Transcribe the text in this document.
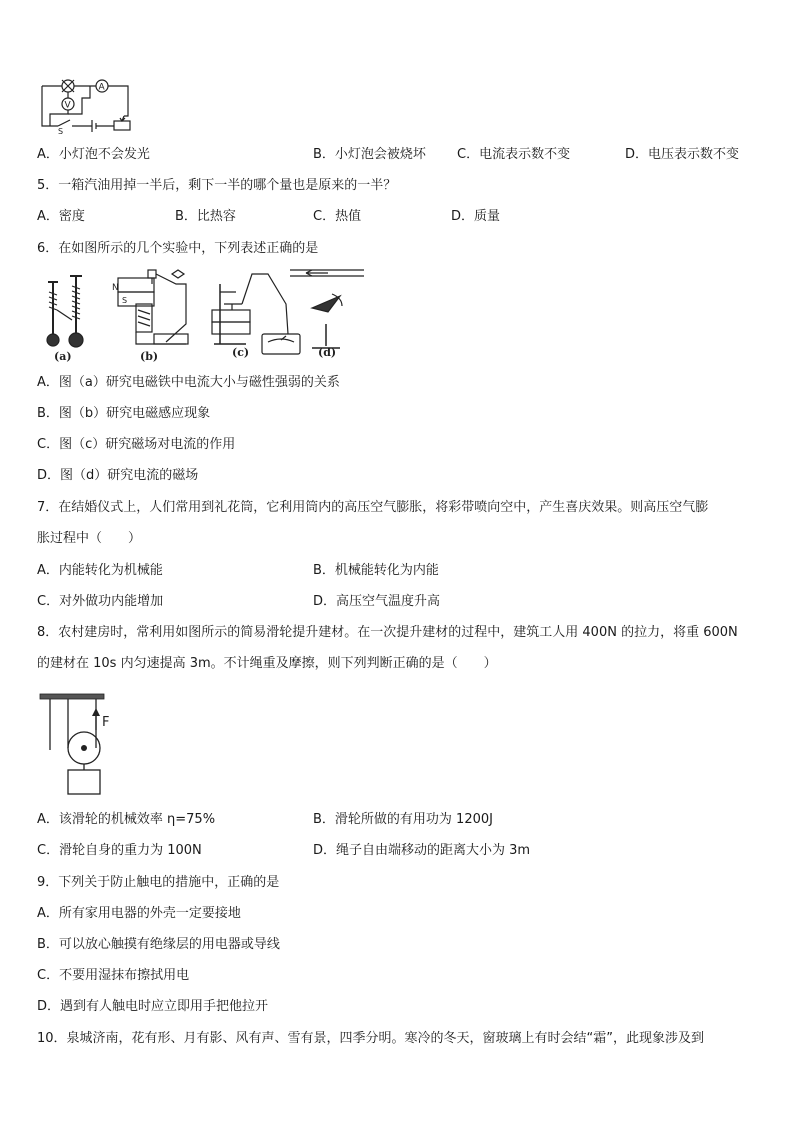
A
V
S
A．小灯泡不会发光	B．小灯泡会被烧坏 C．电流表示数不变	D．电压表示数不变
5．一箱汽油用掉一半后，剩下一半的哪个量也是原来的一半？
A．密度	B．比热容	C．热值	D．质量
6．在如图所示的几个实验中，下列表述正确的是
N
S
(a)	(b)	(c)	(d)
A．图（a）研究电磁铁中电流大小与磁性强弱的关系
B．图（b）研究电磁感应现象
C．图（c）研究磁场对电流的作用
D．图（d）研究电流的磁场
7．在结婚仪式上，人们常用到礼花筒，它利用筒内的高压空气膨胀，将彩带喷向空中，产生喜庆效果。则高压空气膨
胀过程中（　　）
A．内能转化为机械能	B．机械能转化为内能
C．对外做功内能增加	D．高压空气温度升高
8．农村建房时，常利用如图所示的简易滑轮提升建材。在一次提升建材的过程中，建筑工人用 400N 的拉力，将重 600N
的建材在 10s 内匀速提高 3m。不计绳重及摩擦，则下列判断正确的是（　　）
F
A．该滑轮的机械效率 η=75%	B．滑轮所做的有用功为 1200J
C．滑轮自身的重力为 100N	D．绳子自由端移动的距离大小为 3m
9．下列关于防止触电的措施中，正确的是
A．所有家用电器的外壳一定要接地
B．可以放心触摸有绝缘层的用电器或导线
C．不要用湿抹布擦拭用电
D．遇到有人触电时应立即用手把他拉开
10．泉城济南，花有形、月有影、风有声、雪有景，四季分明。寒冷的冬天，窗玻璃上有时会结“霜”，此现象涉及到
